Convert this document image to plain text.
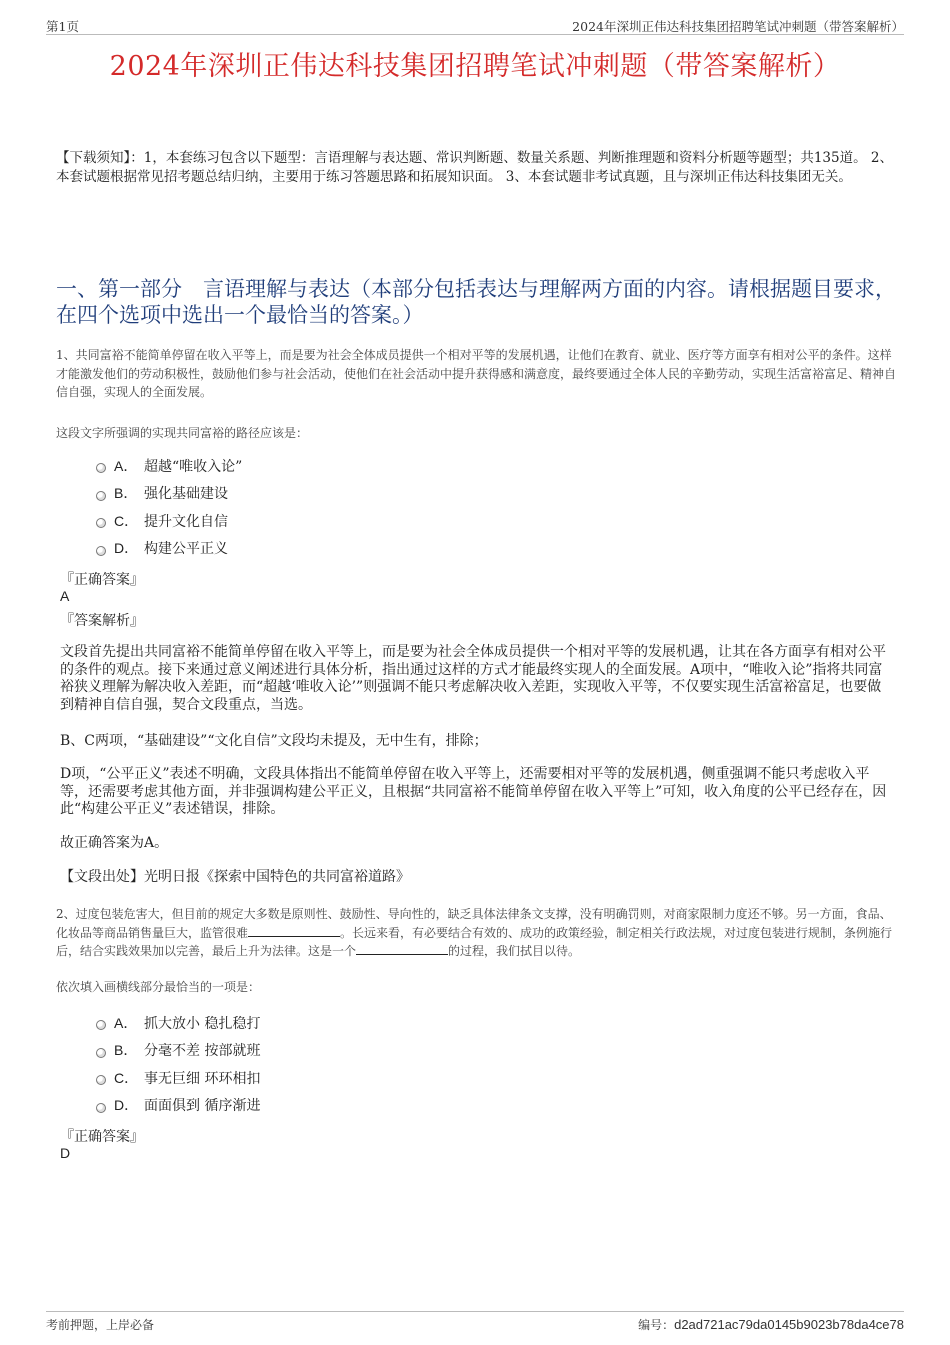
第1页	2024年深圳正伟达科技集团招聘笔试冲刺题（带答案解析）
2024年深圳正伟达科技集团招聘笔试冲刺题（带答案解析）
【下载须知】：1，本套练习包含以下题型：言语理解与表达题、常识判断题、数量关系题、判断推理题和资料分析题等题型；共135道。 2、本套试题根据常见招考题总结归纳，主要用于练习答题思路和拓展知识面。 3、本套试题非考试真题，且与深圳正伟达科技集团无关。
一、第一部分　言语理解与表达（本部分包括表达与理解两方面的内容。请根据题目要求，在四个选项中选出一个最恰当的答案。）
1、共同富裕不能简单停留在收入平等上，而是要为社会全体成员提供一个相对平等的发展机遇，让他们在教育、就业、医疗等方面享有相对公平的条件。这样才能激发他们的劳动积极性，鼓励他们参与社会活动，使他们在社会活动中提升获得感和满意度，最终要通过全体人民的辛勤劳动，实现生活富裕富足、精神自信自强，实现人的全面发展。
这段文字所强调的实现共同富裕的路径应该是：
A． 超越“唯收入论”
B． 强化基础建设
C． 提升文化自信
D． 构建公平正义
『正确答案』
A
『答案解析』
文段首先提出共同富裕不能简单停留在收入平等上，而是要为社会全体成员提供一个相对平等的发展机遇，让其在各方面享有相对公平的条件的观点。接下来通过意义阐述进行具体分析，指出通过这样的方式才能最终实现人的全面发展。A项中，“唯收入论”指将共同富裕狭义理解为解决收入差距，而“超越‘唯收入论’”则强调不能只考虑解决收入差距，实现收入平等，不仅要实现生活富裕富足，也要做到精神自信自强，契合文段重点，当选。
B、C两项，“基础建设”“文化自信”文段均未提及，无中生有，排除；
D项，“公平正义”表述不明确，文段具体指出不能简单停留在收入平等上，还需要相对平等的发展机遇，侧重强调不能只考虑收入平等，还需要考虑其他方面，并非强调构建公平正义，且根据“共同富裕不能简单停留在收入平等上”可知，收入角度的公平已经存在，因此“构建公平正义”表述错误，排除。
故正确答案为A。
【文段出处】光明日报《探索中国特色的共同富裕道路》
2、过度包装危害大，但目前的规定大多数是原则性、鼓励性、导向性的，缺乏具体法律条文支撑，没有明确罚则，对商家限制力度还不够。另一方面，食品、化妆品等商品销售量巨大，监管很难	。长远来看，有必要结合有效的、成功的政策经验，制定相关行政法规，对过度包装进行规制，条例施行后，结合实践效果加以完善，最后上升为法律。这是一个	的过程，我们拭目以待。
依次填入画横线部分最恰当的一项是：
A． 抓大放小 稳扎稳打
B． 分毫不差 按部就班
C． 事无巨细 环环相扣
D． 面面俱到 循序渐进
『正确答案』
D
考前押题，上岸必备	编号：d2ad721ac79da0145b9023b78da4ce78
